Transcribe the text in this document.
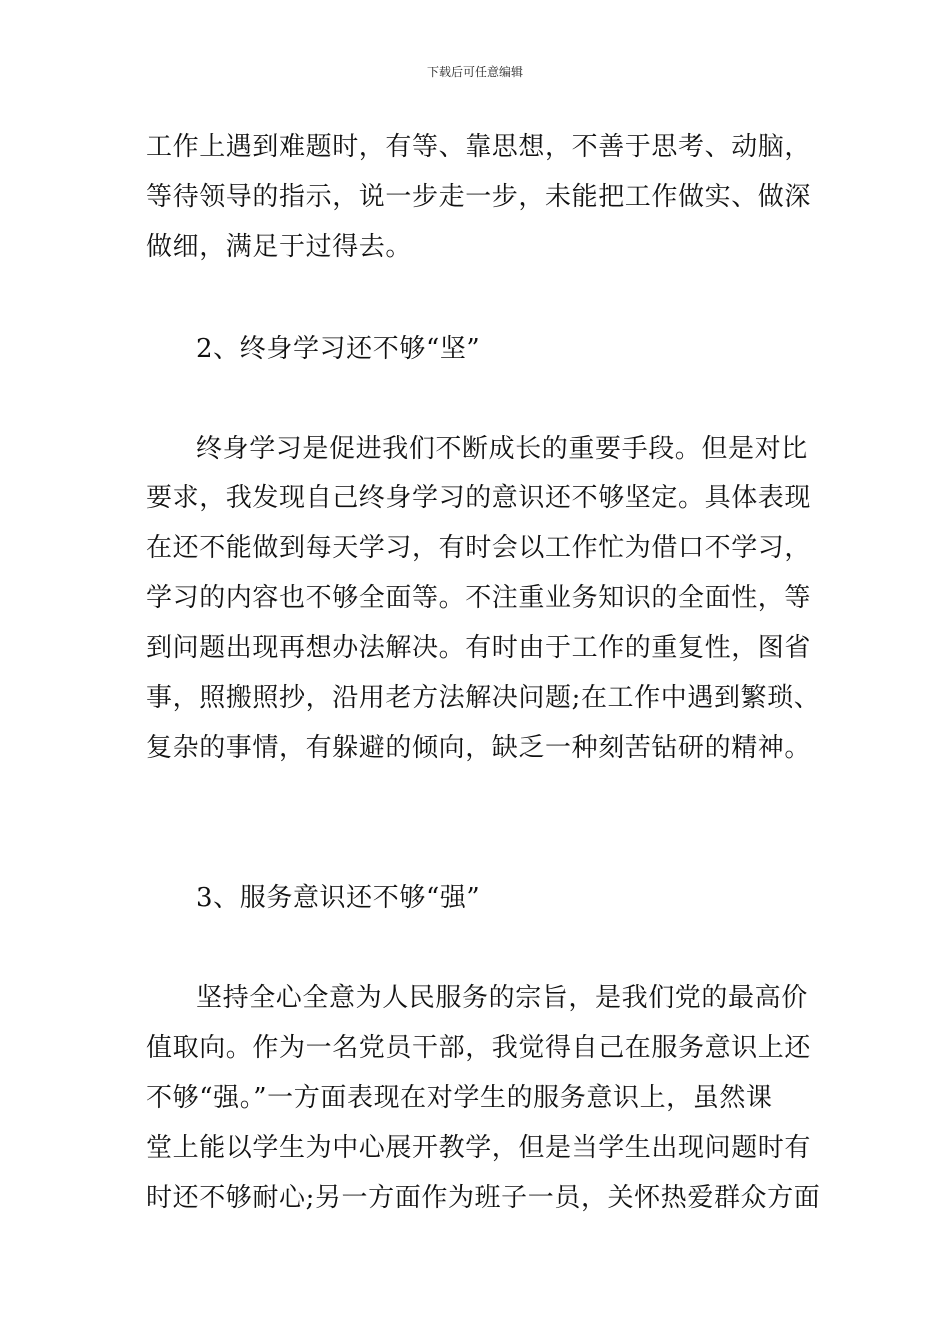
下载后可任意编辑
工作上遇到难题时，有等、靠思想，不善于思考、动脑，
等待领导的指示，说一步走一步，未能把工作做实、做深
做细，满足于过得去。
2、终身学习还不够“坚”
终身学习是促进我们不断成长的重要手段。但是对比
要求，我发现自己终身学习的意识还不够坚定。具体表现
在还不能做到每天学习，有时会以工作忙为借口不学习，
学习的内容也不够全面等。不注重业务知识的全面性，等
到问题出现再想办法解决。有时由于工作的重复性，图省
事，照搬照抄，沿用老方法解决问题;在工作中遇到繁琐、
复杂的事情，有躲避的倾向，缺乏一种刻苦钻研的精神。
3、服务意识还不够“强”
坚持全心全意为人民服务的宗旨，是我们党的最高价
值取向。作为一名党员干部，我觉得自己在服务意识上还
不够“强。”一方面表现在对学生的服务意识上，虽然课
堂上能以学生为中心展开教学，但是当学生出现问题时有
时还不够耐心;另一方面作为班子一员，关怀热爱群众方面
